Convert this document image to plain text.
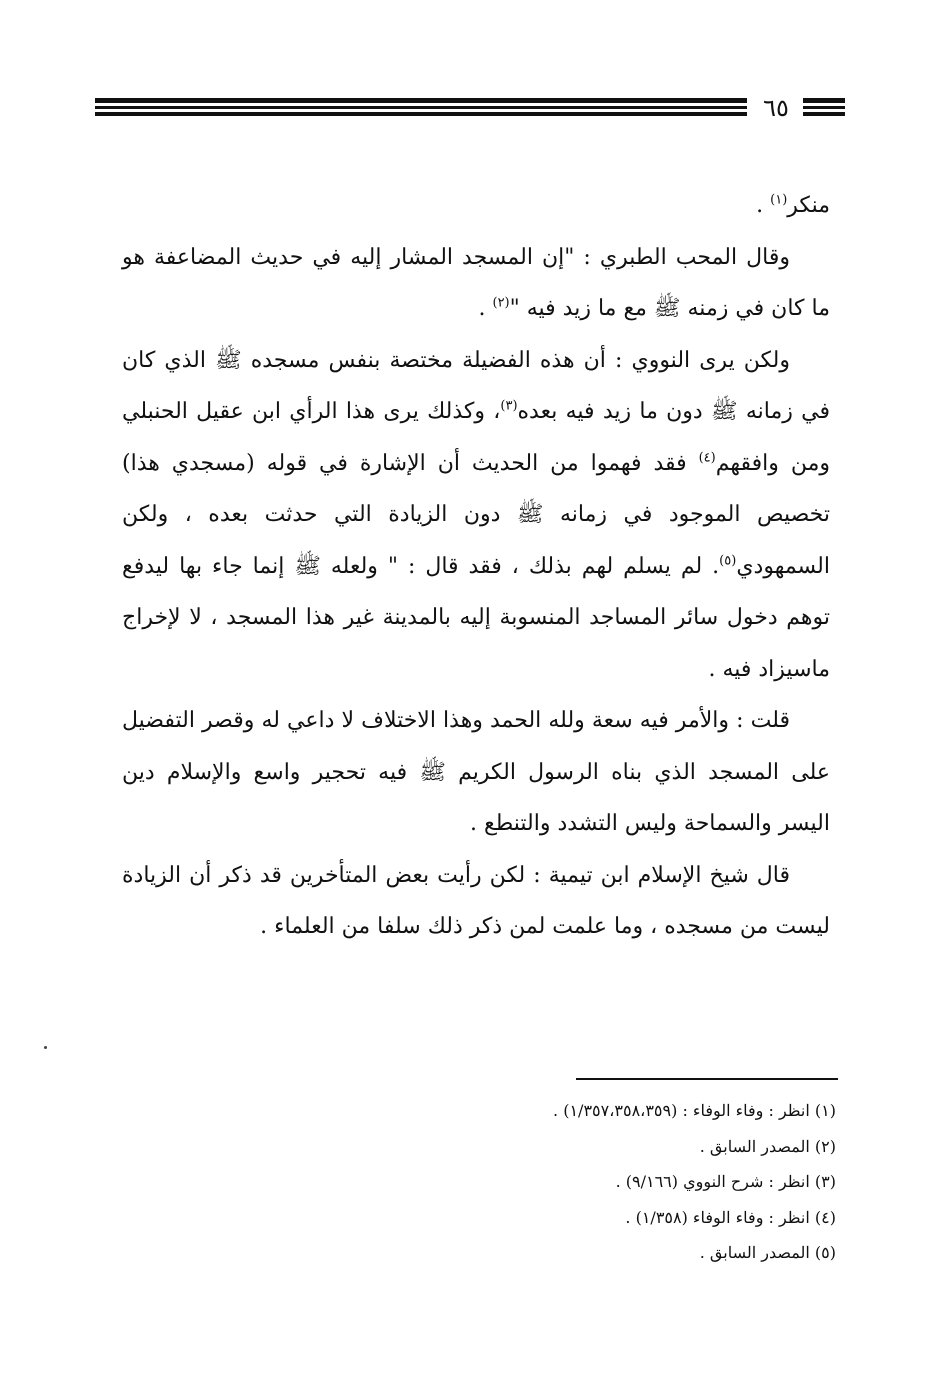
٦٥

منكر$^{(١)}$ .

وقال المحب الطبري : "إن المسجد المشار إليه في حديث المضاعفة هو ما كان في زمنه ﷺ مع ما زيد فيه "$^{(٢)}$ .

ولكن يرى النووي : أن هذه الفضيلة مختصة بنفس مسجده ﷺ الذي كان في زمانه ﷺ دون ما زيد فيه بعده$^{(٣)}$، وكذلك يرى هذا الرأي ابن عقيل الحنبلي ومن وافقهم$^{(٤)}$ فقد فهموا من الحديث أن الإشارة في قوله (مسجدي هذا) تخصيص الموجود في زمانه ﷺ دون الزيادة التي حدثت بعده ، ولكن السمهودي$^{(٥)}$. لم يسلم لهم بذلك ، فقد قال : " ولعله ﷺ إنما جاء بها ليدفع توهم دخول سائر المساجد المنسوبة إليه بالمدينة غير هذا المسجد ، لا لإخراج ماسيزاد فيه .

قلت : والأمر فيه سعة ولله الحمد وهذا الاختلاف لا داعي له وقصر التفضيل على المسجد الذي بناه الرسول الكريم ﷺ فيه تحجير واسع والإسلام دين اليسر والسماحة وليس التشدد والتنطع .

قال شيخ الإسلام ابن تيمية : لكن رأيت بعض المتأخرين قد ذكر أن الزيادة ليست من مسجده ، وما علمت لمن ذكر ذلك سلفا من العلماء .

(١) انظر : وفاء الوفاء : (١/٣٥٧،٣٥٨،٣٥٩) .
(٢) المصدر السابق .
(٣) انظر : شرح النووي (٩/١٦٦) .
(٤) انظر : وفاء الوفاء (١/٣٥٨) .
(٥) المصدر السابق .
